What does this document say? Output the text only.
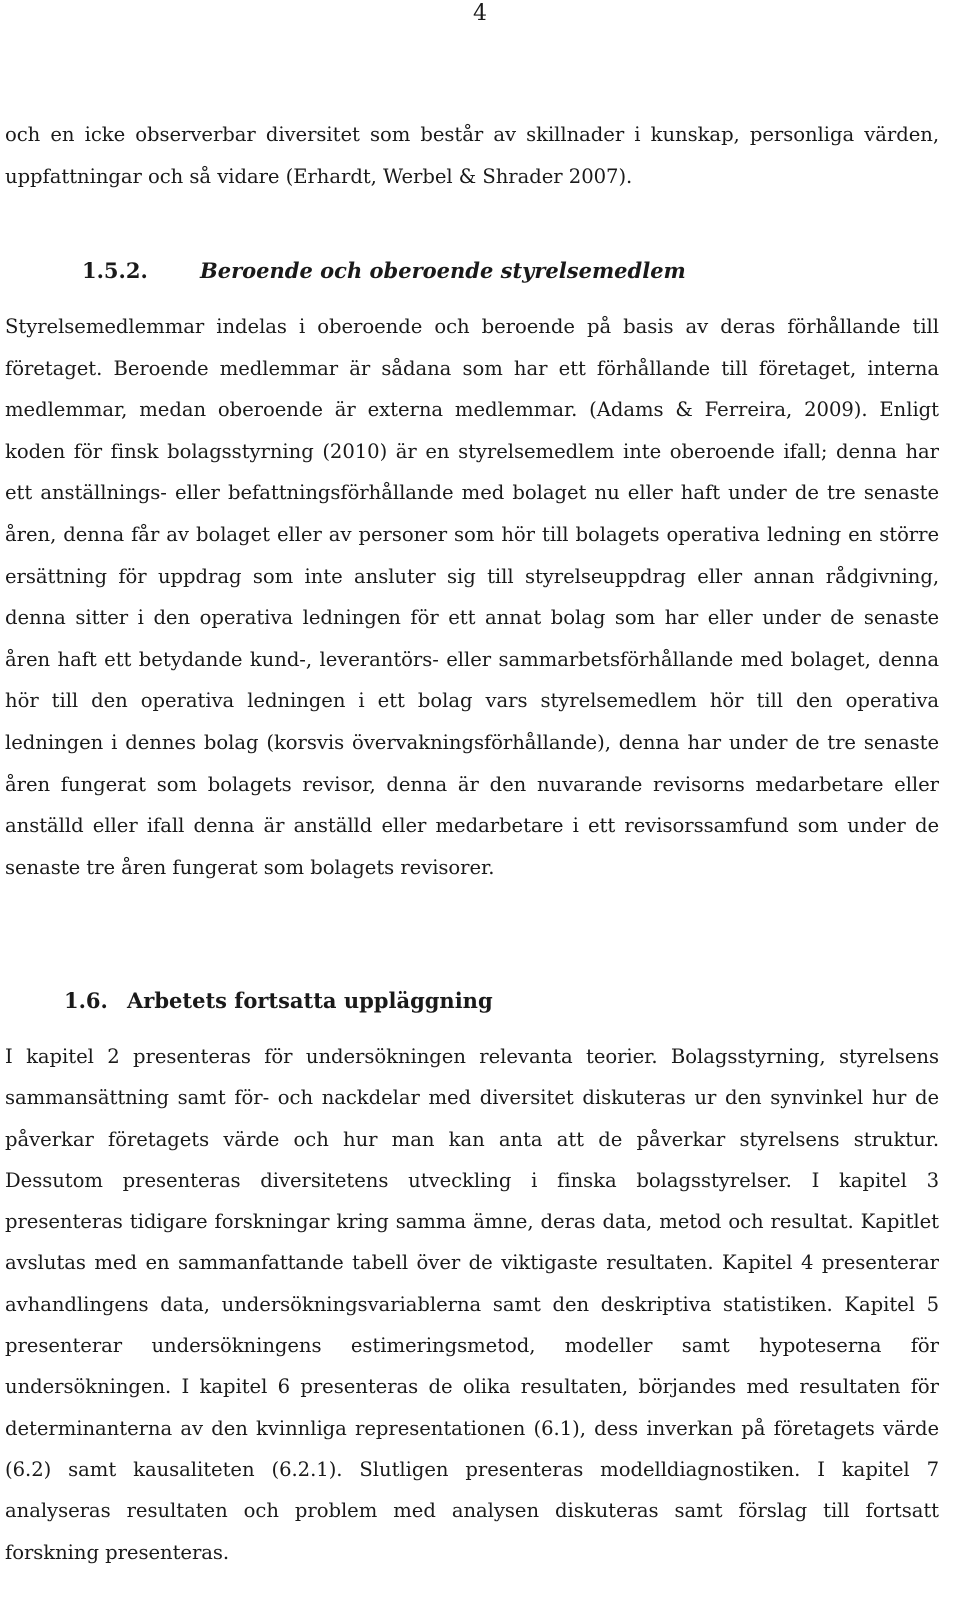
4

och en icke observerbar diversitet som består av skillnader i kunskap, personliga värden, uppfattningar och så vidare (Erhardt, Werbel & Shrader 2007).

1.5.2. Beroende och oberoende styrelsemedlem

Styrelsemedlemmar indelas i oberoende och beroende på basis av deras förhållande till företaget. Beroende medlemmar är sådana som har ett förhållande till företaget, interna medlemmar, medan oberoende är externa medlemmar. (Adams & Ferreira, 2009). Enligt koden för finsk bolagsstyrning (2010) är en styrelsemedlem inte oberoende ifall; denna har ett anställnings- eller befattningsförhållande med bolaget nu eller haft under de tre senaste åren, denna får av bolaget eller av personer som hör till bolagets operativa ledning en större ersättning för uppdrag som inte ansluter sig till styrelseuppdrag eller annan rådgivning, denna sitter i den operativa ledningen för ett annat bolag som har eller under de senaste åren haft ett betydande kund-, leverantörs- eller sammarbetsförhållande med bolaget, denna hör till den operativa ledningen i ett bolag vars styrelsemedlem hör till den operativa ledningen i dennes bolag (korsvis övervakningsförhållande), denna har under de tre senaste åren fungerat som bolagets revisor, denna är den nuvarande revisorns medarbetare eller anställd eller ifall denna är anställd eller medarbetare i ett revisorssamfund som under de senaste tre åren fungerat som bolagets revisorer.

1.6. Arbetets fortsatta uppläggning

I kapitel 2 presenteras för undersökningen relevanta teorier. Bolagsstyrning, styrelsens sammansättning samt för- och nackdelar med diversitet diskuteras ur den synvinkel hur de påverkar företagets värde och hur man kan anta att de påverkar styrelsens struktur. Dessutom presenteras diversitetens utveckling i finska bolagsstyrelser. I kapitel 3 presenteras tidigare forskningar kring samma ämne, deras data, metod och resultat. Kapitlet avslutas med en sammanfattande tabell över de viktigaste resultaten. Kapitel 4 presenterar avhandlingens data, undersökningsvariablerna samt den deskriptiva statistiken. Kapitel 5 presenterar undersökningens estimeringsmetod, modeller samt hypoteserna för undersökningen. I kapitel 6 presenteras de olika resultaten, börjandes med resultaten för determinanterna av den kvinnliga representationen (6.1), dess inverkan på företagets värde (6.2) samt kausaliteten (6.2.1). Slutligen presenteras modelldiagnostiken. I kapitel 7 analyseras resultaten och problem med analysen diskuteras samt förslag till fortsatt forskning presenteras.
